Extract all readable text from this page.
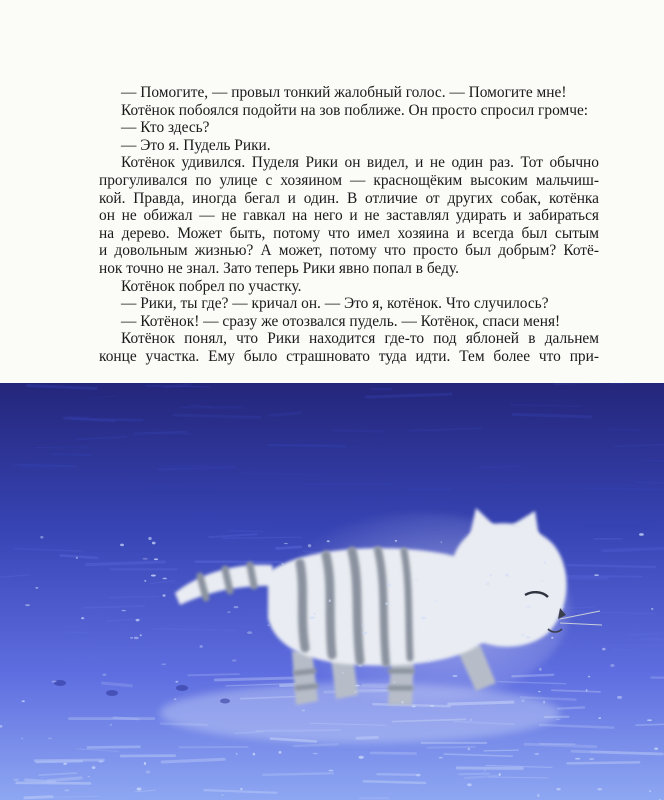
— Помогите, — провыл тонкий жалобный голос. — Помогите мне!
Котёнок побоялся подойти на зов поближе. Он просто спросил громче:
— Кто здесь?
— Это я. Пудель Рики.
Котёнок удивился. Пуделя Рики он видел, и не один раз. Тот обычно
прогуливался по улице с хозяином — краснощёким высоким мальчиш-
кой. Правда, иногда бегал и один. В отличие от других собак, котёнка
он не обижал — не гавкал на него и не заставлял удирать и забираться
на дерево. Может быть, потому что имел хозяина и всегда был сытым
и довольным жизнью? А может, потому что просто был добрым? Котё-
нок точно не знал. Зато теперь Рики явно попал в беду.
Котёнок побрел по участку.
— Рики, ты где? — кричал он. — Это я, котёнок. Что случилось?
— Котёнок! — сразу же отозвался пудель. — Котёнок, спаси меня!
Котёнок понял, что Рики находится где-то под яблоней в дальнем
конце участка. Ему было страшновато туда идти. Тем более что при-
